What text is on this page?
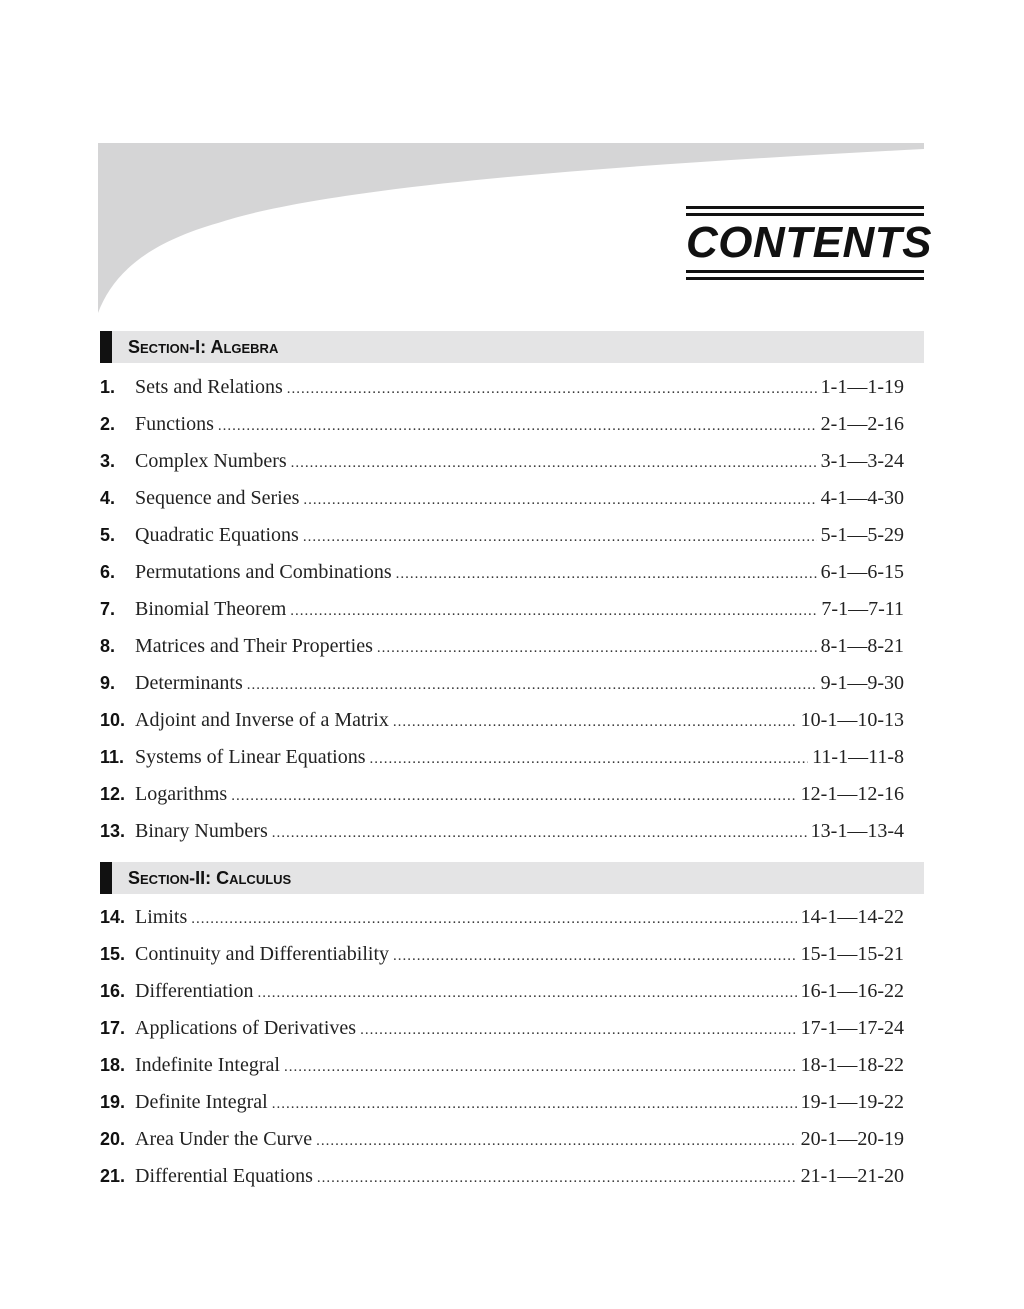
CONTENTS
Section-I: Algebra
1. Sets and Relations .....	1-1—1-19
2. Functions .....	2-1—2-16
3. Complex Numbers .....	3-1—3-24
4. Sequence and Series .....	4-1—4-30
5. Quadratic Equations .....	5-1—5-29
6. Permutations and Combinations .....	6-1—6-15
7. Binomial Theorem .....	7-1—7-11
8. Matrices and Their Properties .....	8-1—8-21
9. Determinants .....	9-1—9-30
10. Adjoint and Inverse of a Matrix .....	10-1—10-13
11. Systems of Linear Equations .....	11-1—11-8
12. Logarithms .....	12-1—12-16
13. Binary Numbers .....	13-1—13-4
Section-II: Calculus
14. Limits .....	14-1—14-22
15. Continuity and Differentiability .....	15-1—15-21
16. Differentiation .....	16-1—16-22
17. Applications of Derivatives .....	17-1—17-24
18. Indefinite Integral .....	18-1—18-22
19. Definite Integral .....	19-1—19-22
20. Area Under the Curve .....	20-1—20-19
21. Differential Equations .....	21-1—21-20
